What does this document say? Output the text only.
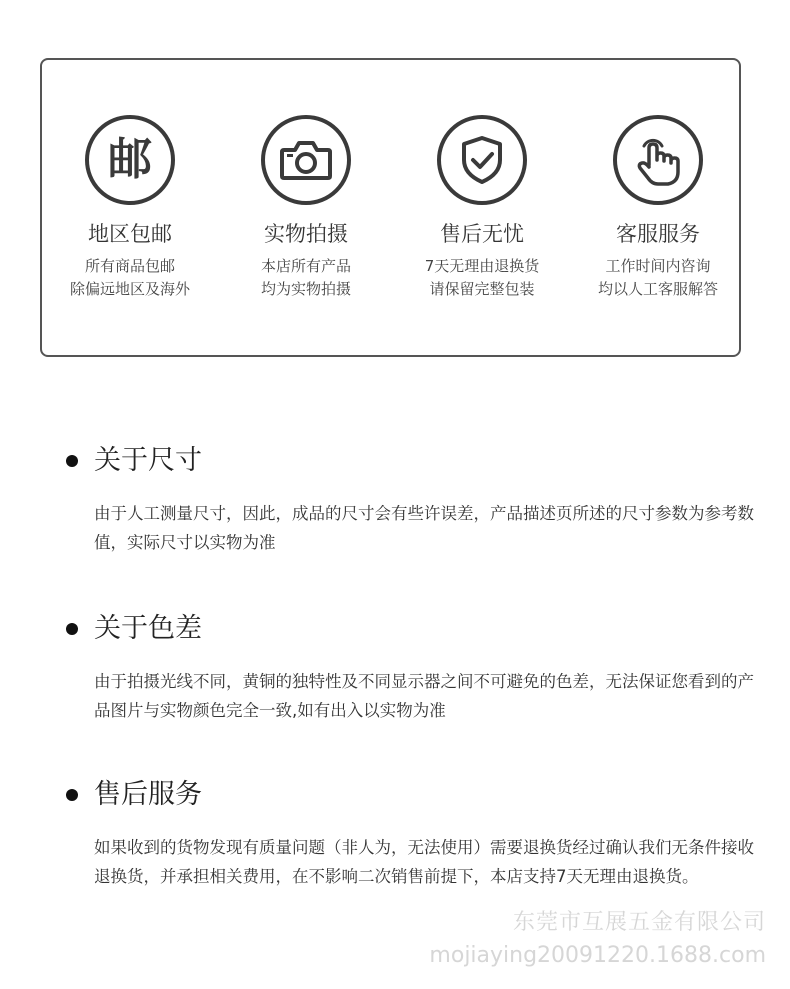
邮
地区包邮
所有商品包邮
除偏远地区及海外
实物拍摄
本店所有产品
均为实物拍摄
售后无忧
7天无理由退换货
请保留完整包装
客服服务
工作时间内咨询
均以人工客服解答
关于尺寸
由于人工测量尺寸，因此，成品的尺寸会有些许误差，产品描述页所述的尺寸参数为参考数值，实际尺寸以实物为准
关于色差
由于拍摄光线不同，黄铜的独特性及不同显示器之间不可避免的色差，无法保证您看到的产品图片与实物颜色完全一致,如有出入以实物为准
售后服务
如果收到的货物发现有质量问题（非人为，无法使用）需要退换货经过确认我们无条件接收退换货，并承担相关费用，在不影响二次销售前提下，本店支持7天无理由退换货。
东莞市互展五金有限公司
mojiaying20091220.1688.com
